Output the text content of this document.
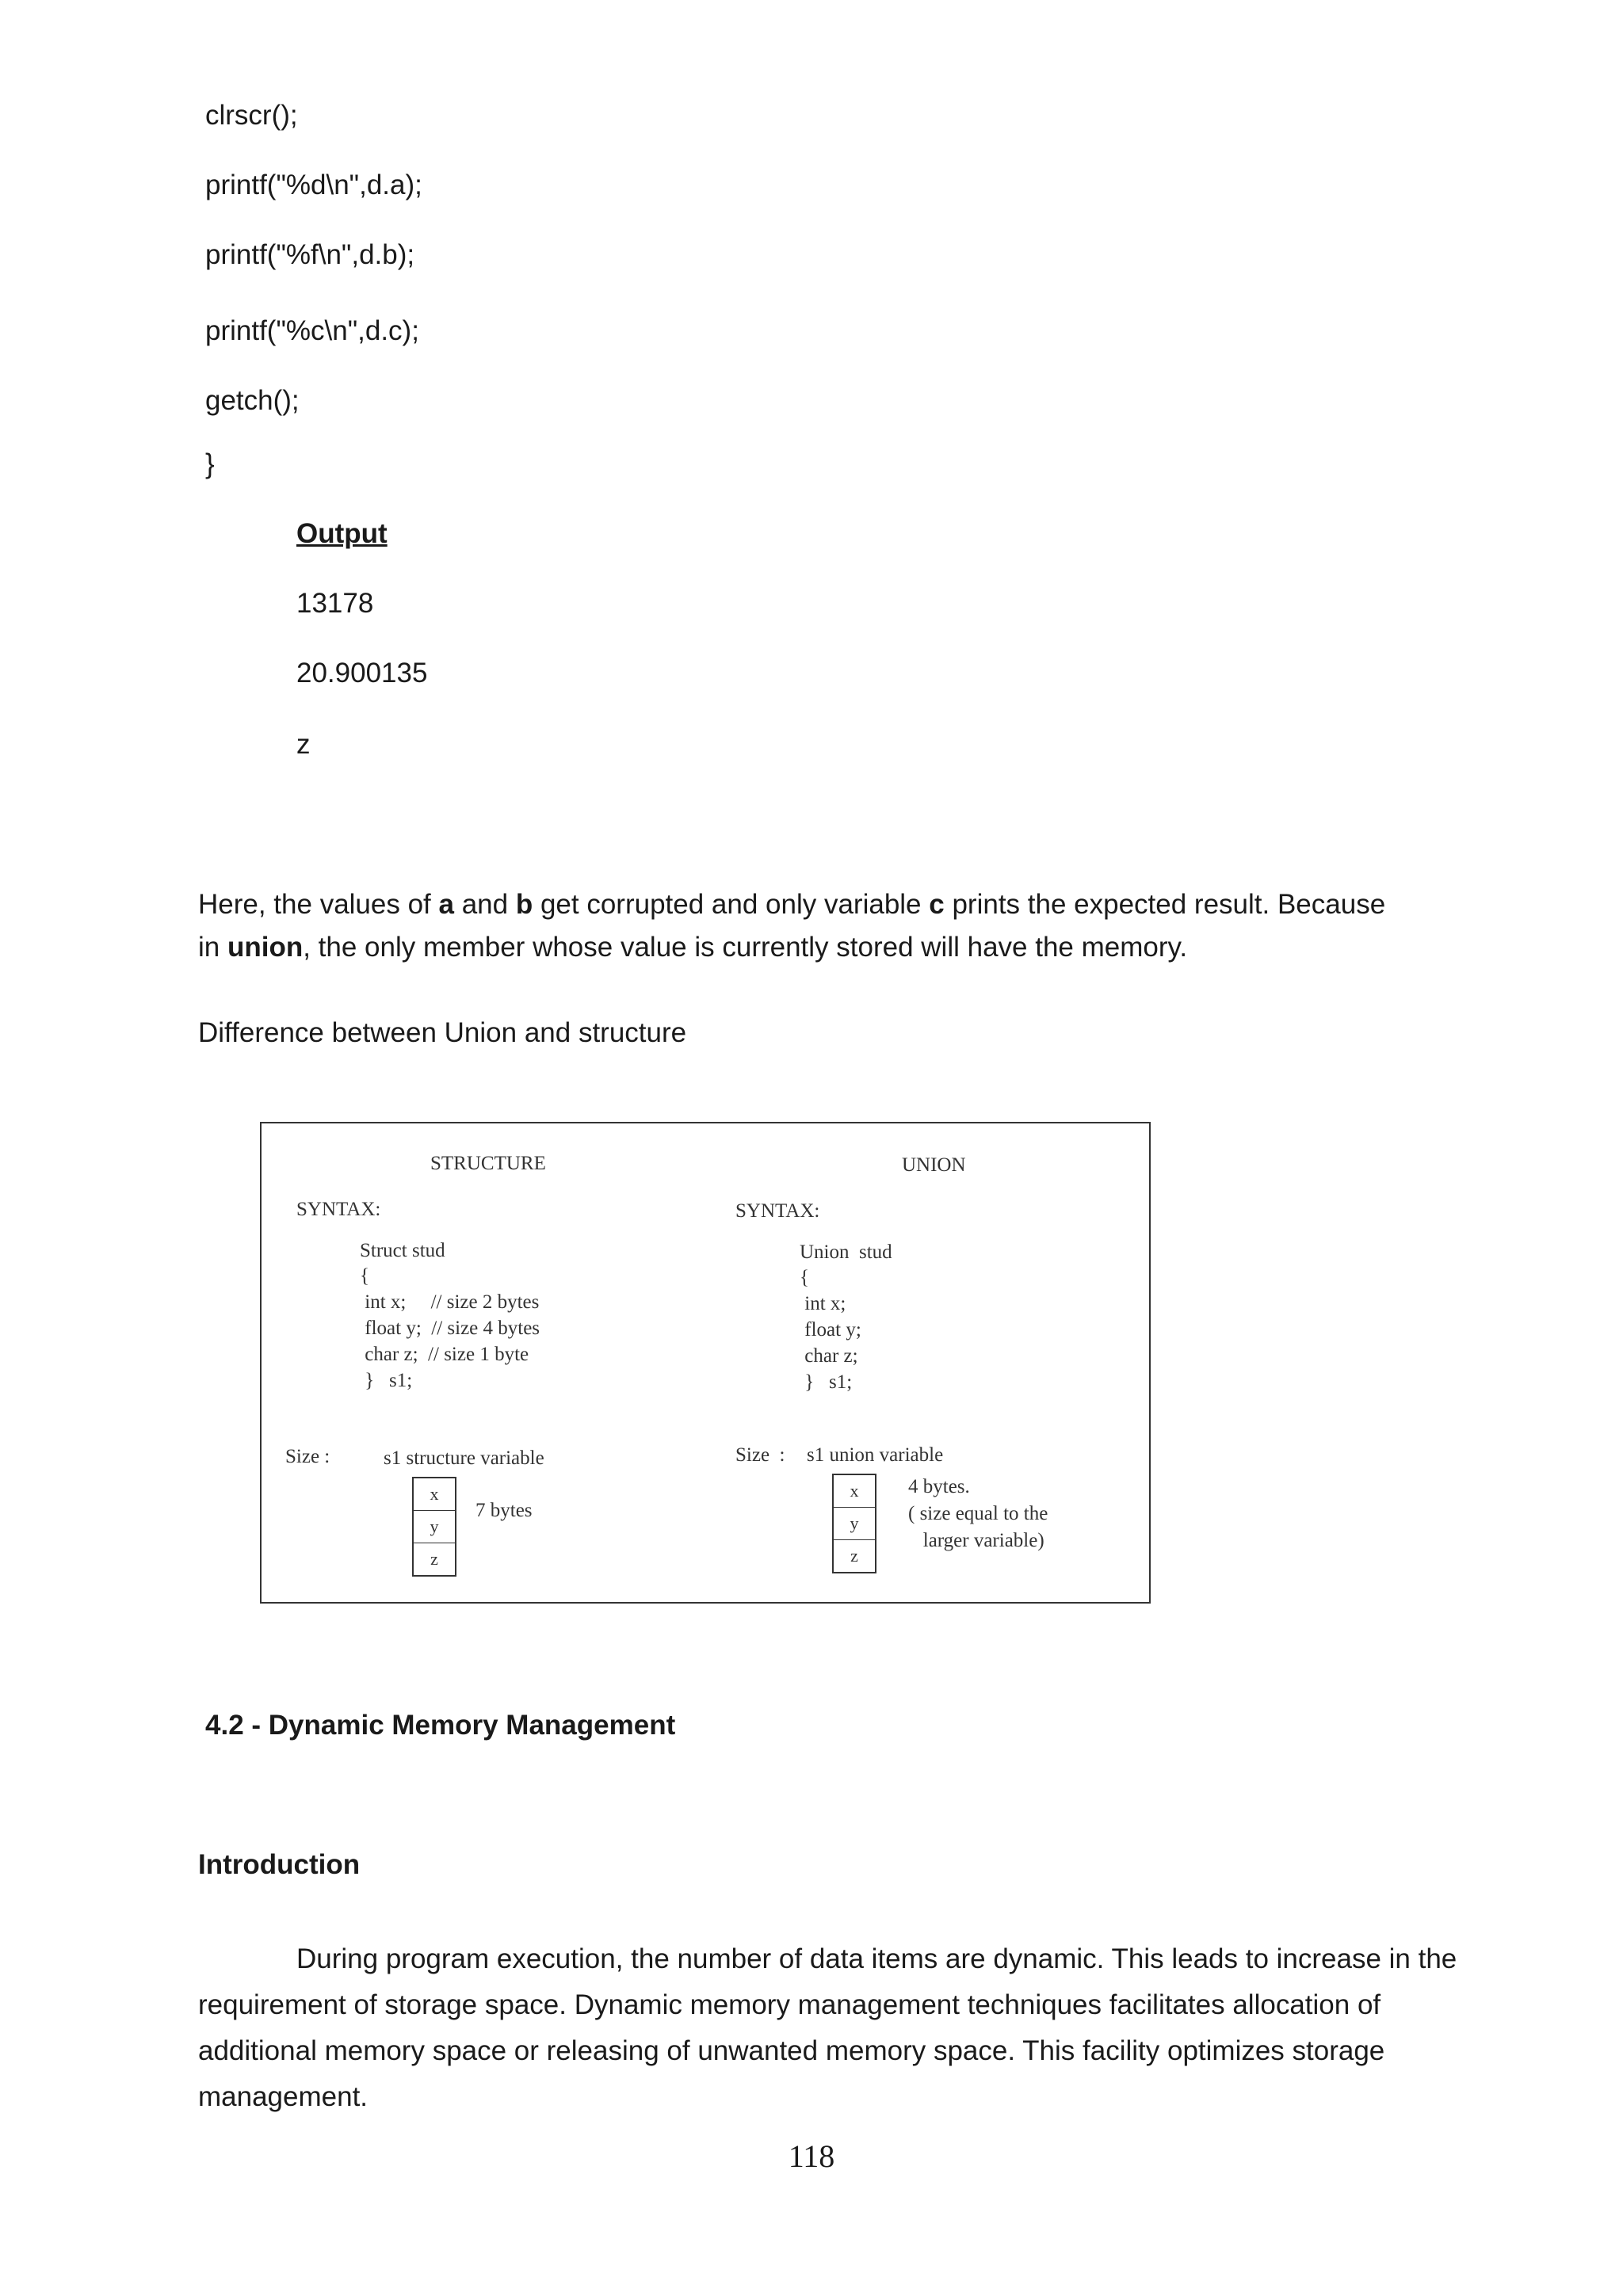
clrscr();
printf("%d\n",d.a);
printf("%f\n",d.b);
printf("%c\n",d.c);
getch();
}
Output
13178
20.900135
z
Here, the values of a and b get corrupted and only variable c prints the expected result. Because
in union, the only member whose value is currently stored will have the memory.
Difference between Union and structure
STRUCTURE
SYNTAX:
Struct stud
{
int x;     // size 2 bytes
float y;  // size 4 bytes
char z;  // size 1 byte
}   s1;
Size :	s1 structure variable
x
y
z
7 bytes
UNION
SYNTAX:
Union  stud
{
int x;
float y;
char z;
}   s1;
Size  : s1 union variable
x
y
z
4 bytes.
( size equal to the
larger variable)
4.2 - Dynamic Memory Management
Introduction
During program execution, the number of data items are dynamic. This leads to increase in the requirement of storage space. Dynamic memory management techniques facilitates allocation of additional memory space or releasing of unwanted memory space. This facility optimizes storage management.
118
